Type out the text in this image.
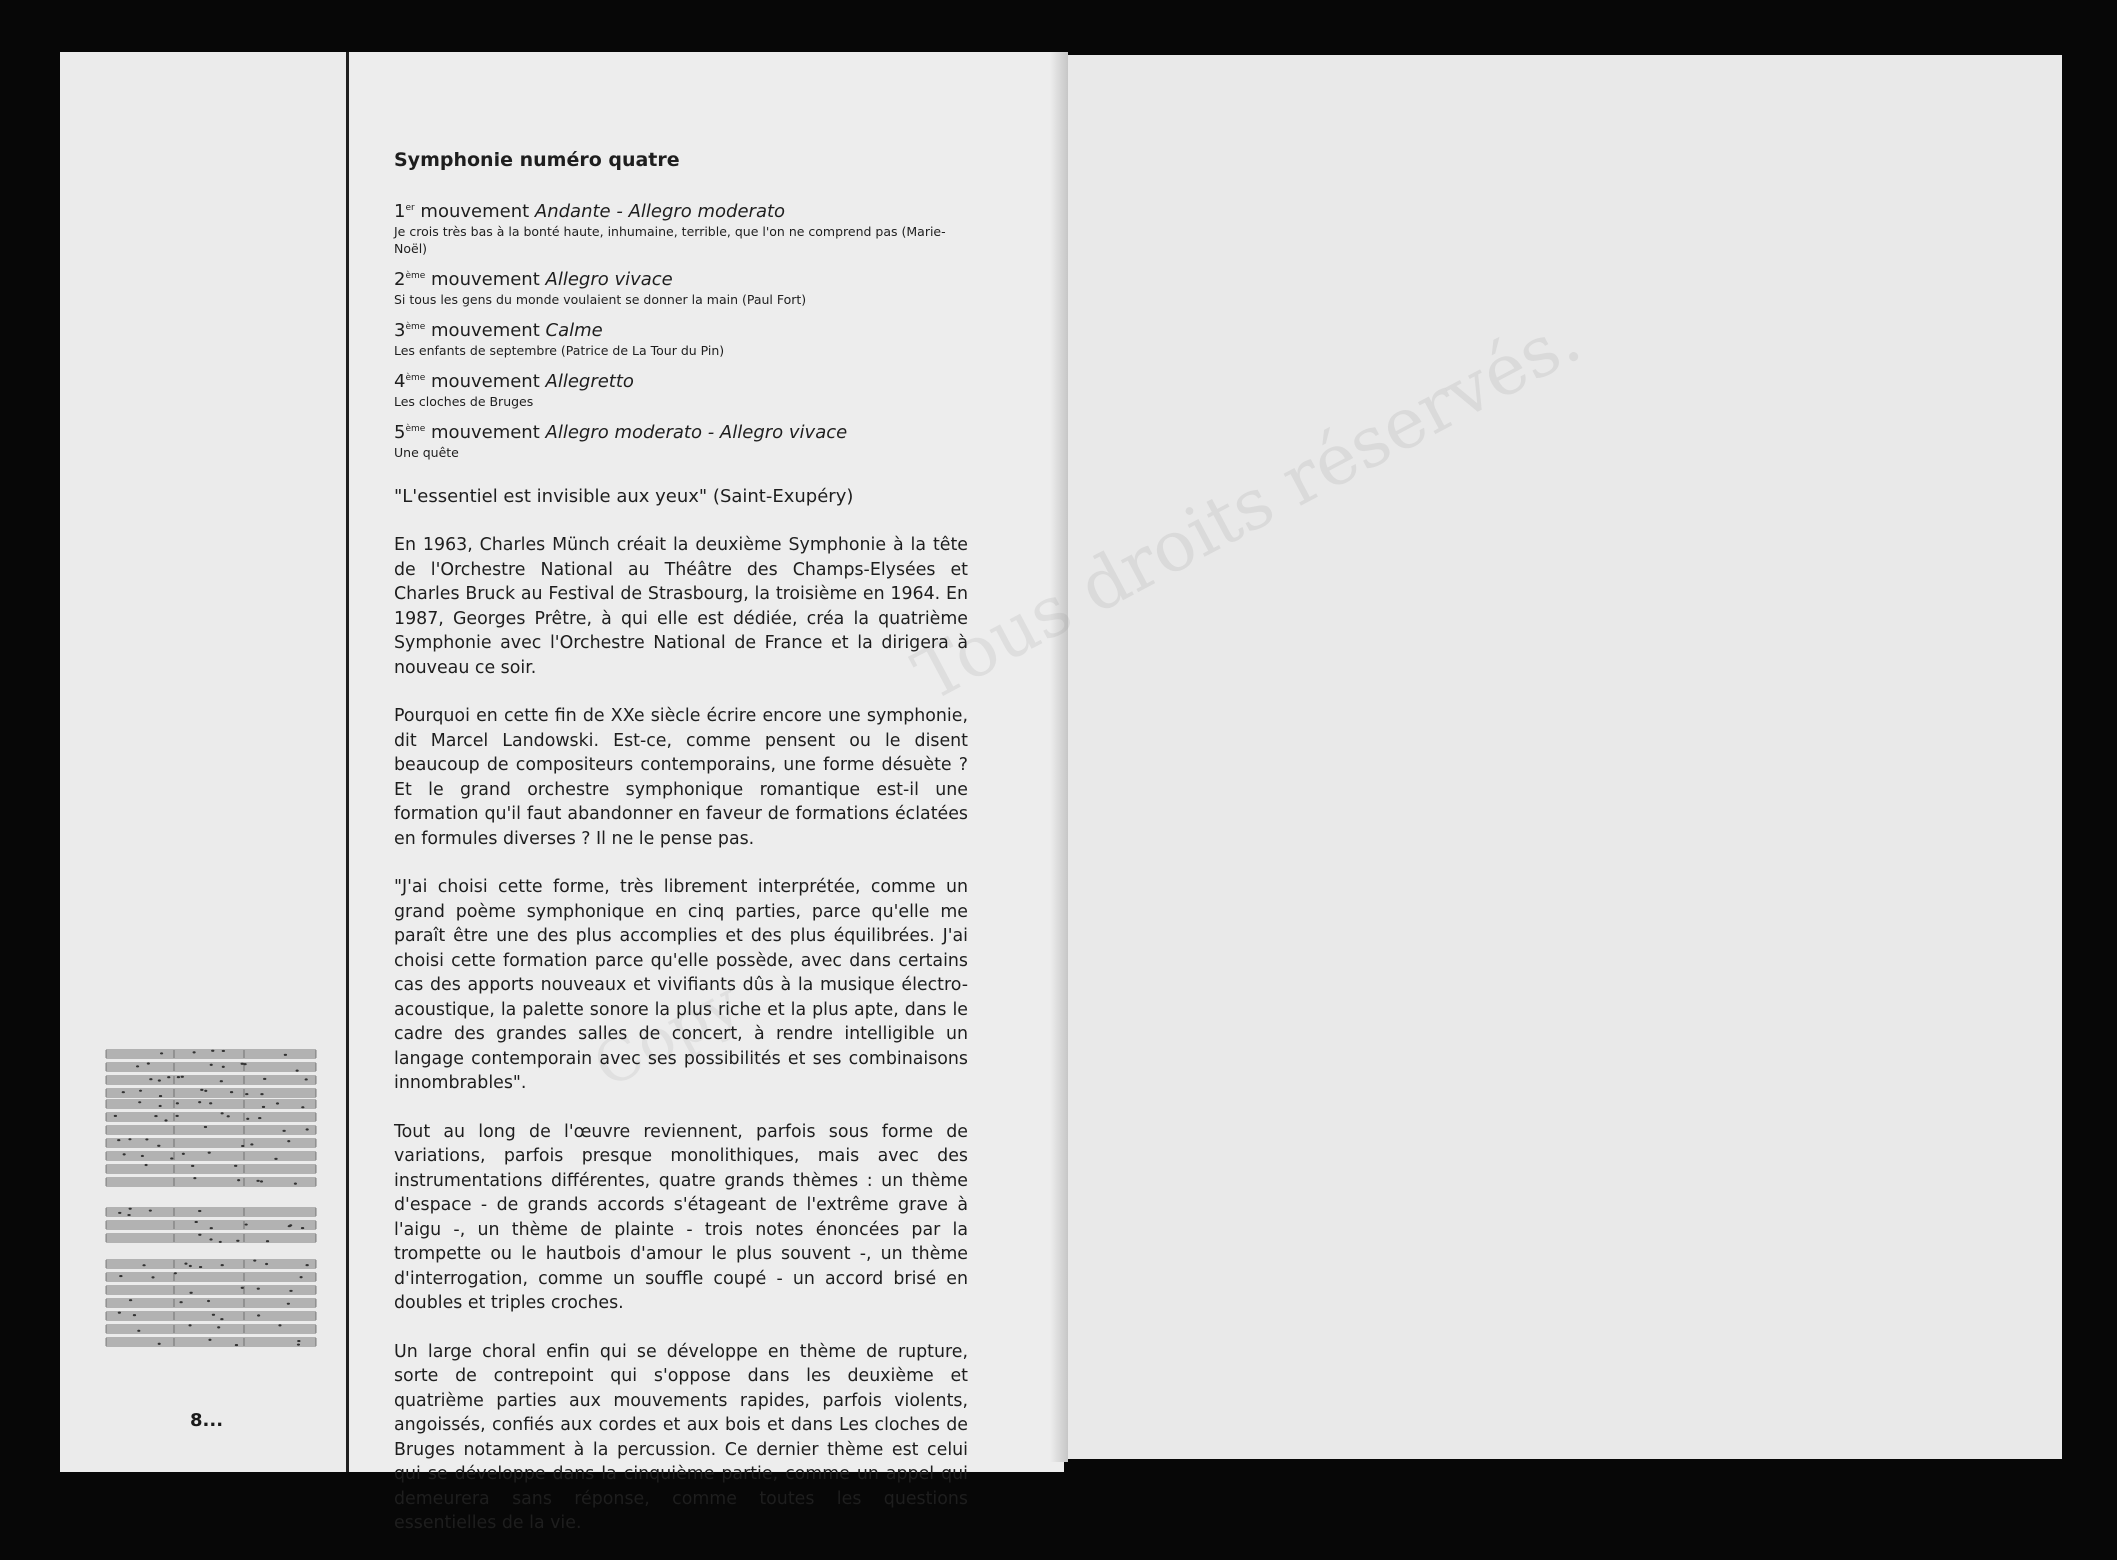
Copy
Symphonie numéro quatre
1er mouvement Andante - Allegro moderato
Je crois très bas à la bonté haute, inhumaine, terrible, que l'on ne comprend pas (Marie-Noël)
2ème mouvement Allegro vivace
Si tous les gens du monde voulaient se donner la main (Paul Fort)
3ème mouvement Calme
Les enfants de septembre (Patrice de La Tour du Pin)
4ème mouvement Allegretto
Les cloches de Bruges
5ème mouvement Allegro moderato - Allegro vivace
Une quête
"L'essentiel est invisible aux yeux" (Saint-Exupéry)

En 1963, Charles Münch créait la deuxième Symphonie à la tête de l'Orchestre National au Théâtre des Champs-Elysées et Charles Bruck au Festival de Strasbourg, la troisième en 1964. En 1987, Georges Prêtre, à qui elle est dédiée, créa la quatrième Symphonie avec l'Orchestre National de France et la dirigera à nouveau ce soir.

Pourquoi en cette fin de XXe siècle écrire encore une symphonie, dit Marcel Landowski. Est-ce, comme pensent ou le disent beaucoup de compositeurs contemporains, une forme désuète ? Et le grand orchestre symphonique romantique est-il une formation qu'il faut abandonner en faveur de formations éclatées en formules diverses ? Il ne le pense pas.

"J'ai choisi cette forme, très librement interprétée, comme un grand poème symphonique en cinq parties, parce qu'elle me paraît être une des plus accomplies et des plus équilibrées. J'ai choisi cette formation parce qu'elle possède, avec dans certains cas des apports nouveaux et vivifiants dûs à la musique électro-acoustique, la palette sonore la plus riche et la plus apte, dans le cadre des grandes salles de concert, à rendre intelligible un langage contemporain avec ses possibilités et ses combinaisons innombrables".

Tout au long de l'œuvre reviennent, parfois sous forme de variations, parfois presque monolithiques, mais avec des instrumentations différentes, quatre grands thèmes : un thème d'espace - de grands accords s'étageant de l'extrême grave à l'aigu -, un thème de plainte - trois notes énoncées par la trompette ou le hautbois d'amour le plus souvent -, un thème d'interrogation, comme un souffle coupé - un accord brisé en doubles et triples croches.

Un large choral enfin qui se développe en thème de rupture, sorte de contrepoint qui s'oppose dans les deuxième et quatrième parties aux mouvements rapides, parfois violents, angoissés, confiés aux cordes et aux bois et dans Les cloches de Bruges notamment à la percussion. Ce dernier thème est celui qui se développe dans la cinquième partie, comme un appel qui demeurera sans réponse, comme toutes les questions essentielles de la vie.

8...
